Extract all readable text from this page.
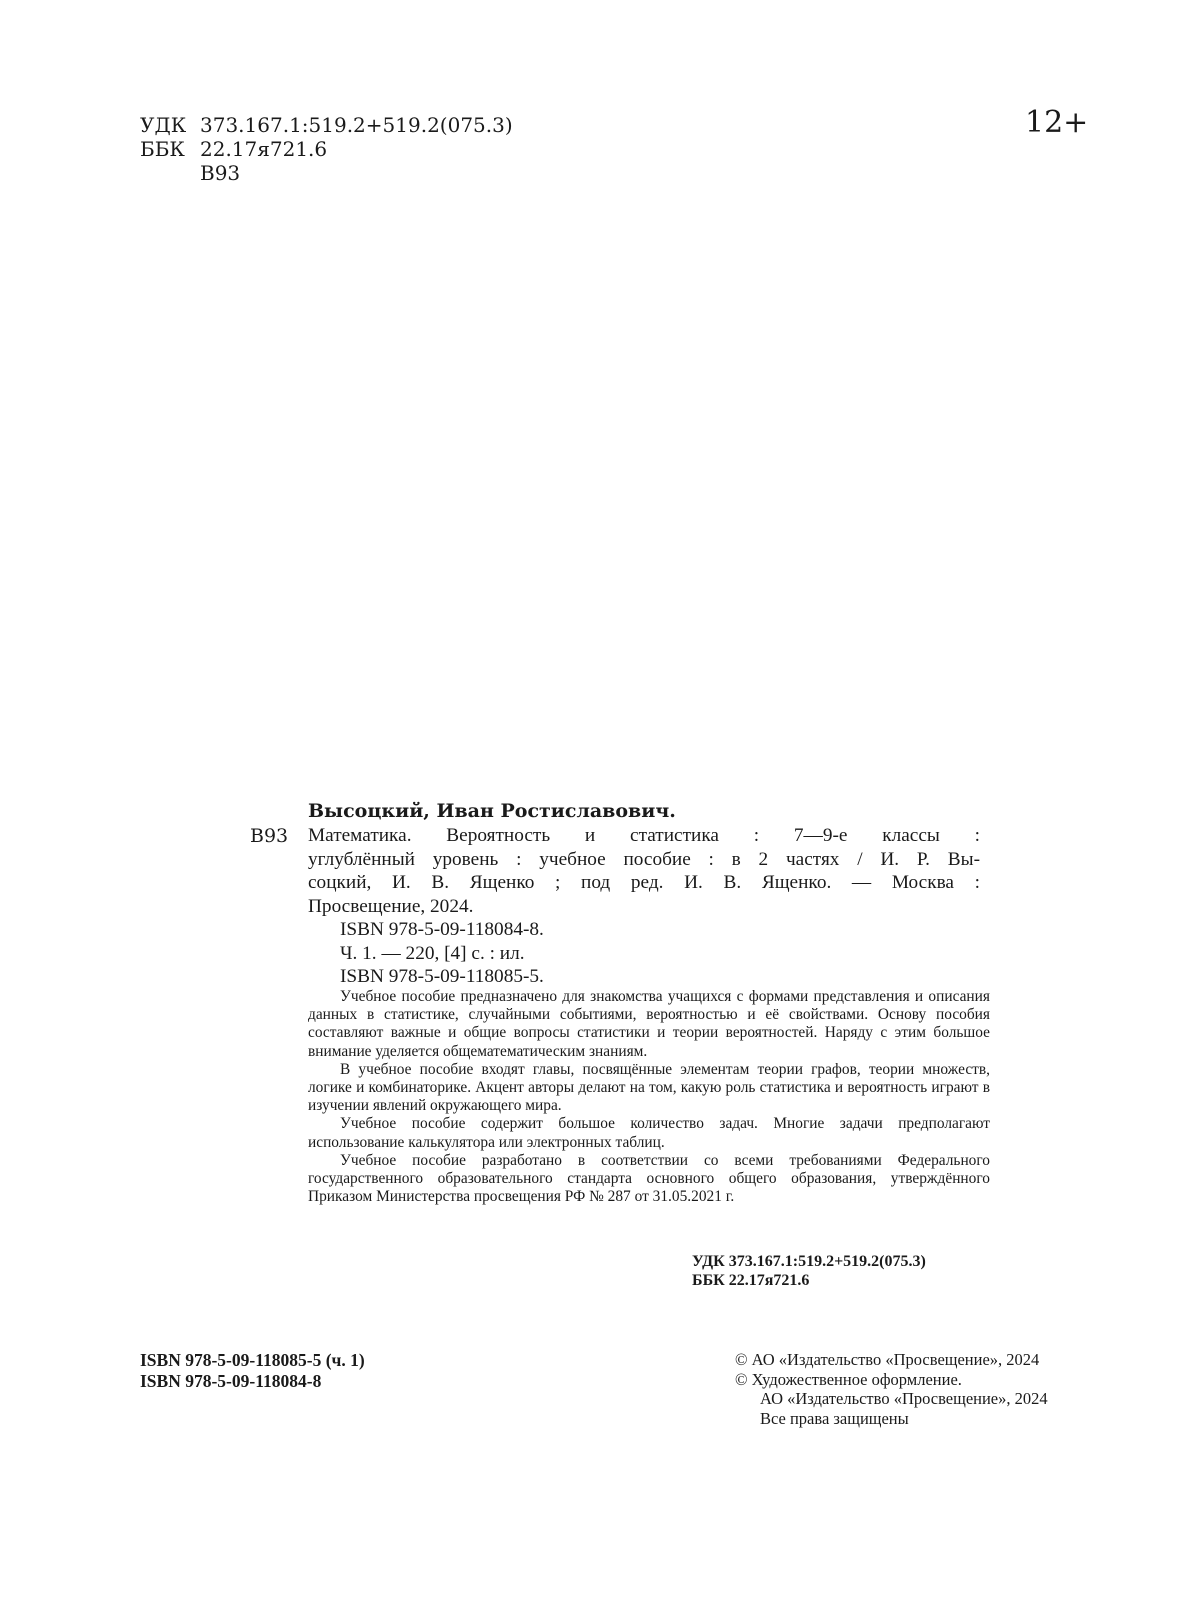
УДК 373.167.1:519.2+519.2(075.3)
ББК 22.17я721.6
В93
12+
Высоцкий, Иван Ростиславович.
В93 Математика. Вероятность и статистика : 7—9-е классы :
углублённый уровень : учебное пособие : в 2 частях / И. Р. Вы-
соцкий, И. В. Ященко ; под ред. И. В. Ященко. — Москва :
Просвещение, 2024.
ISBN 978-5-09-118084-8.
Ч. 1. — 220, [4] с. : ил.
ISBN 978-5-09-118085-5.

Учебное пособие предназначено для знакомства учащихся с формами представления и описания данных в статистике, случайными событиями, вероятностью и её свойствами. Основу пособия составляют важные и общие вопросы статистики и теории вероятностей. Наряду с этим большое внимание уделяется общематематическим знаниям.

В учебное пособие входят главы, посвящённые элементам теории графов, теории множеств, логике и комбинаторике. Акцент авторы делают на том, какую роль статистика и вероятность играют в изучении явлений окружающего мира.

Учебное пособие содержит большое количество задач. Многие задачи предполагают использование калькулятора или электронных таблиц.

Учебное пособие разработано в соответствии со всеми требованиями Федерального государственного образовательного стандарта основного общего образования, утверждённого Приказом Министерства просвещения РФ № 287 от 31.05.2021 г.

УДК 373.167.1:519.2+519.2(075.3)
ББК 22.17я721.6
ISBN 978-5-09-118085-5 (ч. 1)
ISBN 978-5-09-118084-8
© АО «Издательство «Просвещение», 2024
© Художественное оформление.
АО «Издательство «Просвещение», 2024
Все права защищены
